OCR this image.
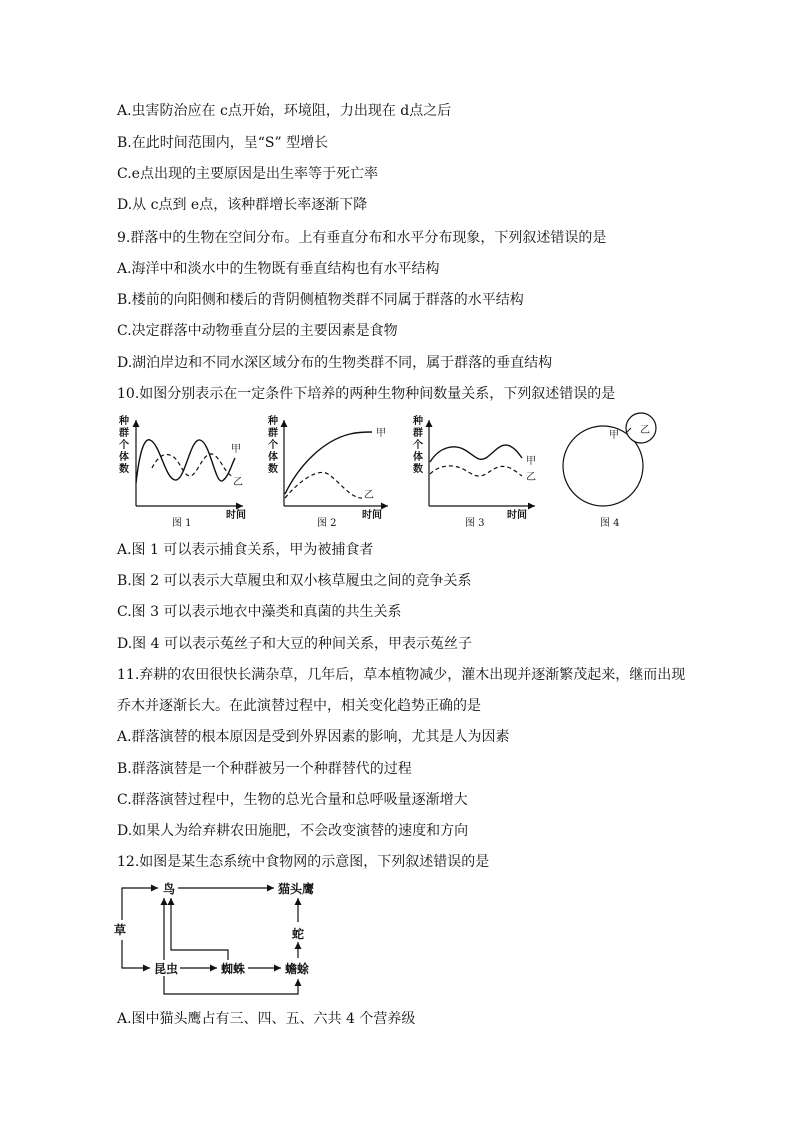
A.虫害防治应在 c点开始，环境阻，力出现在 d点之后
B.在此时间范围内，呈“S” 型增长
C.e点出现的主要原因是出生率等于死亡率
D.从 c点到 e点，该种群增长率逐渐下降
9.群落中的生物在空间分布。上有垂直分布和水平分布现象，下列叙述错误的是
A.海洋中和淡水中的生物既有垂直结构也有水平结构
B.楼前的向阳侧和楼后的背阴侧植物类群不同属于群落的水平结构
C.决定群落中动物垂直分层的主要因素是食物
D.湖泊岸边和不同水深区域分布的生物类群不同，属于群落的垂直结构
10.如图分别表示在一定条件下培养的两种生物种间数量关系，下列叙述错误的是
种
群
个
体
数
甲
乙
时间
图 1
种
群
个
体
数
甲
乙
时间
图 2
种
群
个
体
数
甲
乙
时间
图 3
甲 乙
图 4
A.图 1 可以表示捕食关系，甲为被捕食者
B.图 2 可以表示大草履虫和双小核草履虫之间的竞争关系
C.图 3 可以表示地衣中藻类和真菌的共生关系
D.图 4 可以表示菟丝子和大豆的种间关系，甲表示菟丝子
11.弃耕的农田很快长满杂草，几年后，草本植物减少，灌木出现并逐渐繁茂起来，继而出现
乔木并逐渐长大。在此演替过程中，相关变化趋势正确的是
A.群落演替的根本原因是受到外界因素的影响，尤其是人为因素
B.群落演替是一个种群被另一个种群替代的过程
C.群落演替过程中，生物的总光合量和总呼吸量逐渐增大
D.如果人为给弃耕农田施肥，不会改变演替的速度和方向
12.如图是某生态系统中食物网的示意图，下列叙述错误的是
草
鸟	猫头鹰
蛇
昆虫	蜘蛛	蟾蜍
A.图中猫头鹰占有三、四、五、六共 4 个营养级
